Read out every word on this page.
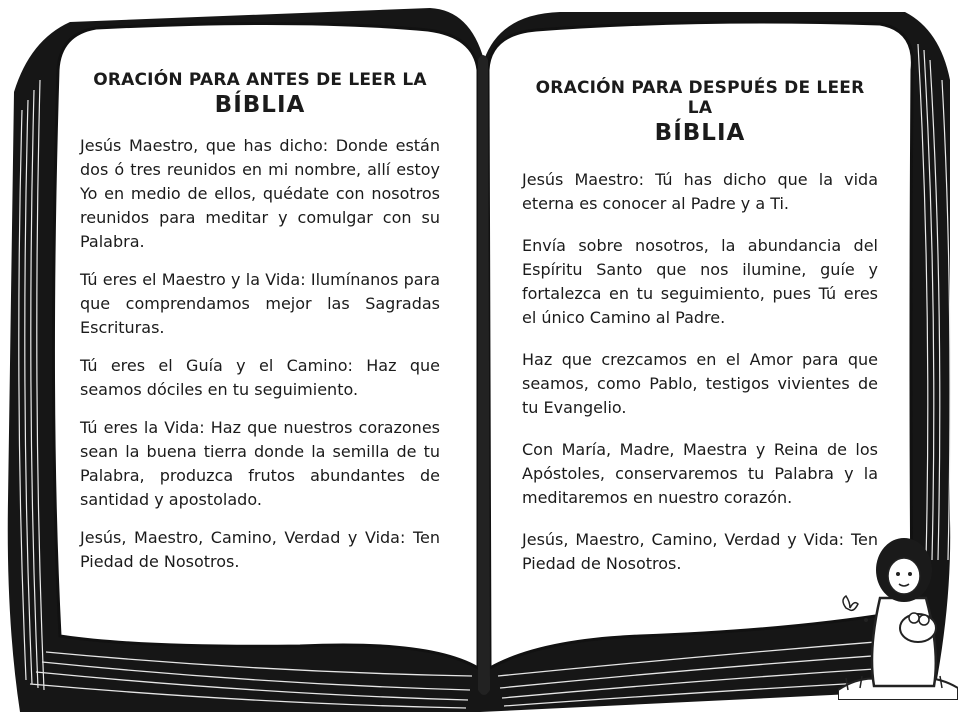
ORACIÓN PARA ANTES DE LEER LA

BÍBLIA

Jesús Maestro, que has dicho: Donde están dos ó tres reunidos en mi nombre, allí estoy Yo en medio de ellos, quédate con nosotros reunidos para meditar y comulgar con su Palabra.

Tú eres el Maestro y la Vida: Ilumínanos para que comprendamos mejor las Sagradas Escrituras.

Tú eres el Guía y el Camino: Haz que seamos dóciles en tu seguimiento.

Tú eres la Vida: Haz que nuestros corazones sean la buena tierra donde la semilla de tu Palabra, produzca frutos abundantes de santidad y apostolado.

Jesús, Maestro, Camino, Verdad y Vida: Ten Piedad de Nosotros.

ORACIÓN PARA DESPUÉS DE LEER LA

BÍBLIA

Jesús Maestro: Tú has dicho que la vida eterna es conocer al Padre y a Ti.

Envía sobre nosotros, la abundancia del Espíritu Santo que nos ilumine, guíe y fortalezca en tu seguimiento, pues Tú eres el único Camino al Padre.

Haz que crezcamos en el Amor para que seamos, como Pablo, testigos vivientes de tu Evangelio.

Con María, Madre, Maestra y Reina de los Apóstoles, conservaremos tu Palabra y la meditaremos en nuestro corazón.

Jesús, Maestro, Camino, Verdad y Vida: Ten Piedad de Nosotros.
